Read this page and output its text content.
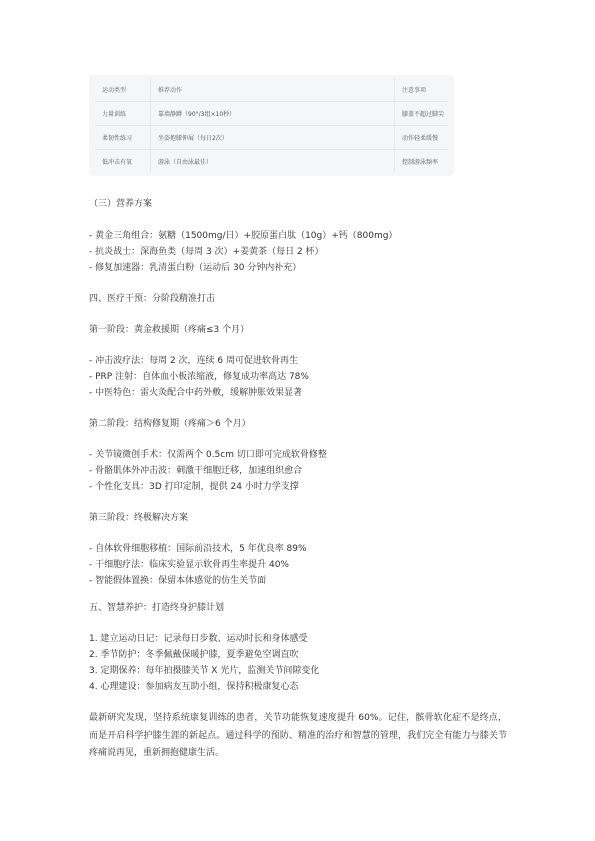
运动类型	推荐动作	注意事项
力量训练	靠墙静蹲（90°/3组×10秒）	膝盖不超过脚尖
柔韧性练习	坐姿抱膝伸展（每日2次）	动作轻柔缓慢
低冲击有氧	游泳（自由泳最佳）	控制游泳频率
（三）营养方案
- 黄金三角组合：氨糖（1500mg/日）+胶原蛋白肽（10g）+钙（800mg）
- 抗炎战士：深海鱼类（每周 3 次）+姜黄茶（每日 2 杯）
- 修复加速器：乳清蛋白粉（运动后 30 分钟内补充）
四、医疗干预：分阶段精准打击
第一阶段：黄金救援期（疼痛≤3 个月）
- 冲击波疗法：每周 2 次，连续 6 周可促进软骨再生
- PRP 注射：自体血小板浓缩液，修复成功率高达 78%
- 中医特色：雷火灸配合中药外敷，缓解肿胀效果显著
第二阶段：结构修复期（疼痛＞6 个月）
- 关节镜微创手术：仅需两个 0.5cm 切口即可完成软骨修整
- 骨骼肌体外冲击波：刺激干细胞迁移，加速组织愈合
- 个性化支具：3D 打印定制，提供 24 小时力学支撑
第三阶段：终极解决方案
- 自体软骨细胞移植：国际前沿技术，5 年优良率 89%
- 干细胞疗法：临床实验显示软骨再生率提升 40%
- 智能假体置换：保留本体感觉的仿生关节面
五、智慧养护：打造终身护膝计划
1. 建立运动日记：记录每日步数、运动时长和身体感受
2. 季节防护：冬季佩戴保暖护膝，夏季避免空调直吹
3. 定期保养：每年拍摄膝关节 X 光片，监测关节间隙变化
4. 心理建设：参加病友互助小组，保持积极康复心态
最新研究发现，坚持系统康复训练的患者，关节功能恢复速度提升 60%。记住，髌骨软化症不是终点，而是开启科学护膝生涯的新起点。通过科学的预防、精准的治疗和智慧的管理，我们完全有能力与膝关节疼痛说再见，重新拥抱健康生活。
